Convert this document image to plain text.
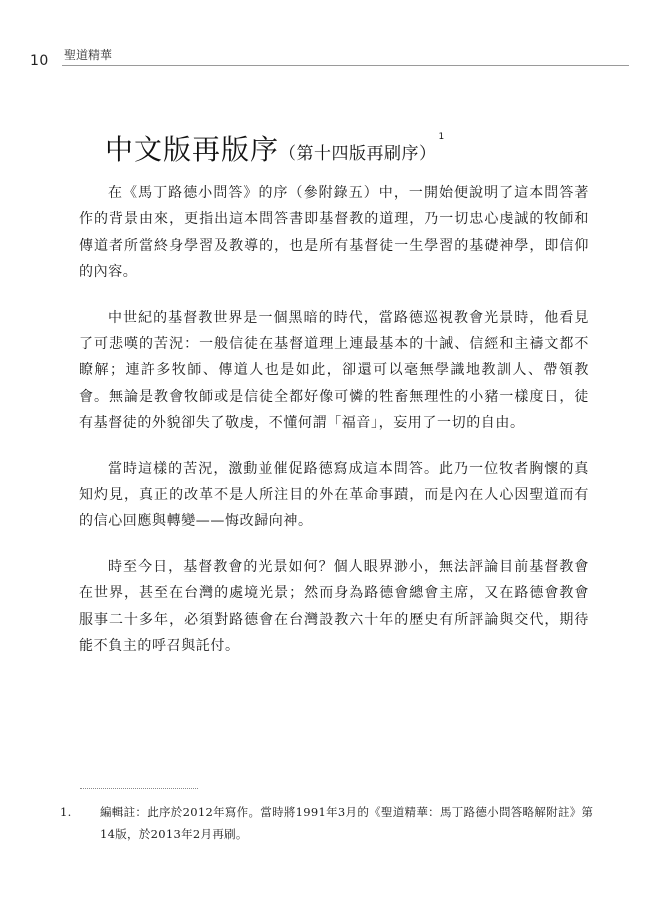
10 聖道精華
中文版再版序（第十四版再刷序）$^1$

在《馬丁路德小問答》的序（參附錄五）中，一開始便說明了這本問答著作的背景由來，更指出這本問答書即基督教的道理，乃一切忠心虔誠的牧師和傳道者所當終身學習及教導的，也是所有基督徒一生學習的基礎神學，即信仰的內容。

中世紀的基督教世界是一個黑暗的時代，當路德巡視教會光景時，他看見了可悲嘆的苦況：一般信徒在基督道理上連最基本的十誡、信經和主禱文都不瞭解；連許多牧師、傳道人也是如此，卻還可以毫無學識地教訓人、帶領教會。無論是教會牧師或是信徒全都好像可憐的牲畜無理性的小豬一樣度日，徒有基督徒的外貌卻失了敬虔，不懂何謂「福音」，妄用了一切的自由。

當時這樣的苦況，激動並催促路德寫成這本問答。此乃一位牧者胸懷的真知灼見，真正的改革不是人所注目的外在革命事蹟，而是內在人心因聖道而有的信心回應與轉變——悔改歸向神。

時至今日，基督教會的光景如何？個人眼界渺小，無法評論目前基督教會在世界，甚至在台灣的處境光景；然而身為路德會總會主席，又在路德會教會服事二十多年，必須對路德會在台灣設教六十年的歷史有所評論與交代，期待能不負主的呼召與託付。

1. 編輯註：此序於2012年寫作。當時將1991年3月的《聖道精華：馬丁路德小問答略解附註》第14版，於2013年2月再刷。
